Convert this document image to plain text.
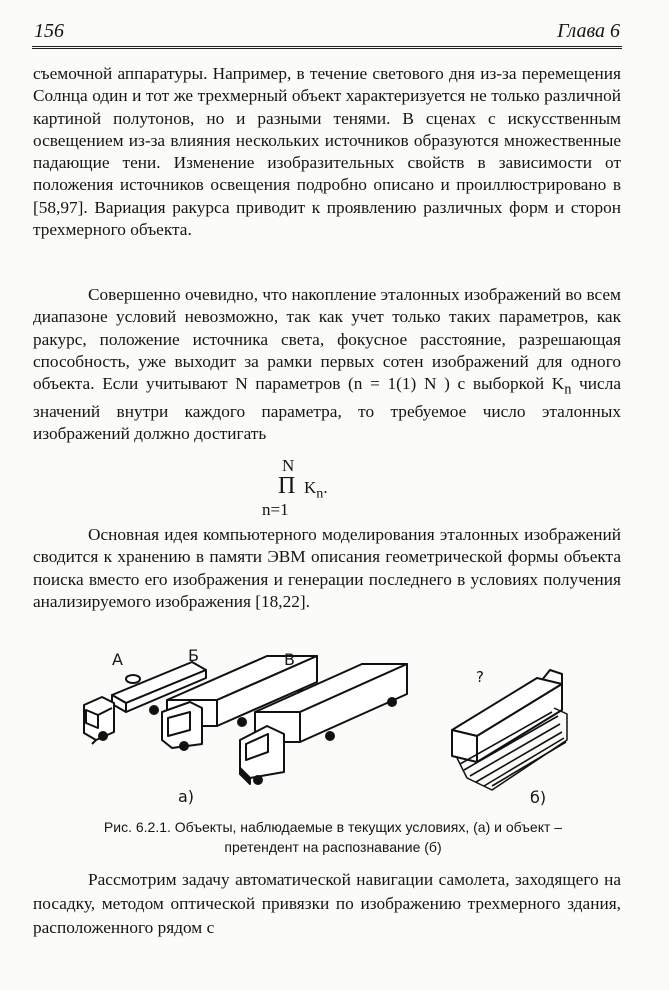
156	Глава 6

съемочной аппаратуры. Например, в течение светового дня из-за перемещения Солнца один и тот же трехмерный объект характеризуется не только различной картиной полутонов, но и разными тенями. В сценах с искусственным освещением из-за влияния нескольких источников образуются множественные падающие тени. Изменение изобразительных свойств в зависимости от положения источников освещения подробно описано и проиллюстрировано в [58,97]. Вариация ракурса приводит к проявлению различных форм и сторон трехмерного объекта.

Совершенно очевидно, что накопление эталонных изображений во всем диапазоне условий невозможно, так как учет только таких параметров, как ракурс, положение источника света, фокусное расстояние, разрешающая способность, уже выходит за рамки первых сотен изображений для одного объекта. Если учитывают N параметров (n = 1(1) N ) с выборкой $K_n$ числа значений внутри каждого параметра, то требуемое число эталонных изображений должно достигать

N
П $K_n$.
n=1

Основная идея компьютерного моделирования эталонных изображений сводится к хранению в памяти ЭВМ описания геометрической формы объекта поиска вместо его изображения и генерации последнего в условиях получения анализируемого изображения [18,22].

А	Б	В
?
а)	б)
Рис. 6.2.1. Объекты, наблюдаемые в текущих условиях, (а) и объект –
претендент на распознавание (б)

Рассмотрим задачу автоматической навигации самолета, заходящего на посадку, методом оптической привязки по изображению трехмерного здания, расположенного рядом с
